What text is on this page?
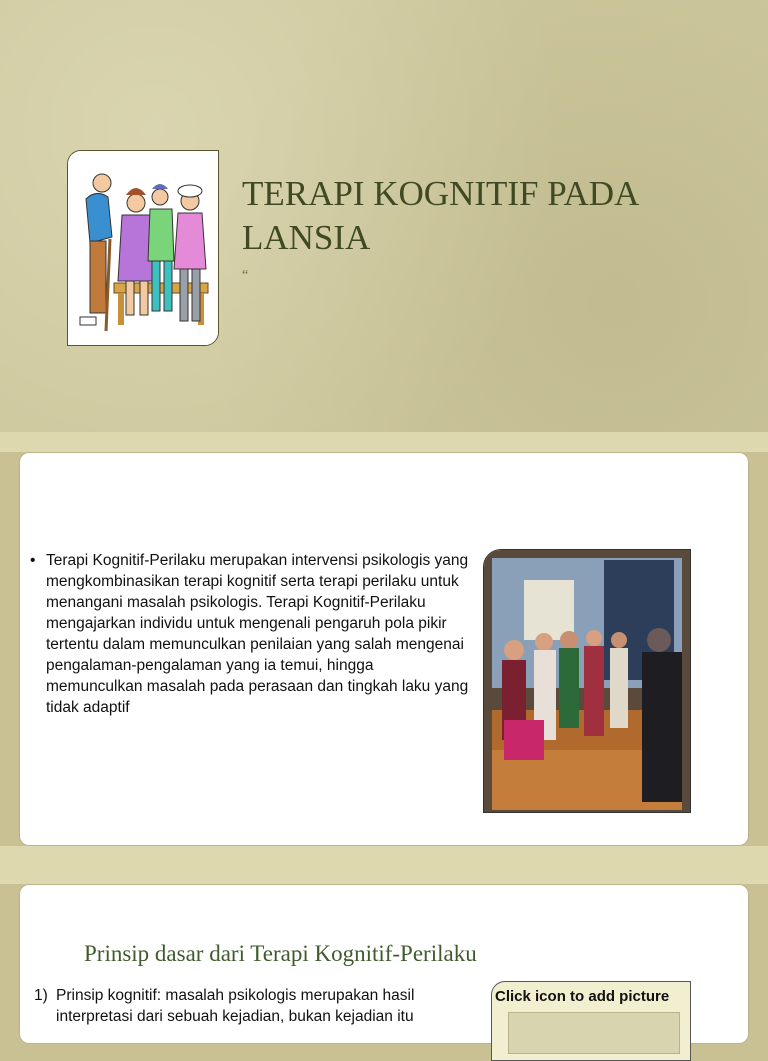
TERAPI KOGNITIF PADA LANSIA
“
• Terapi Kognitif-Perilaku merupakan intervensi psikologis yang mengkombinasikan terapi kognitif serta terapi perilaku untuk menangani masalah psikologis. Terapi Kognitif-Perilaku mengajarkan individu untuk mengenali pengaruh pola pikir tertentu dalam memunculkan penilaian yang salah mengenai pengalaman-pengalaman yang ia temui, hingga memunculkan masalah pada perasaan dan tingkah laku yang tidak adaptif
Prinsip dasar dari Terapi Kognitif-Perilaku
1) Prinsip kognitif: masalah psikologis merupakan hasil interpretasi dari sebuah kejadian, bukan kejadian itu
Click icon to add picture
